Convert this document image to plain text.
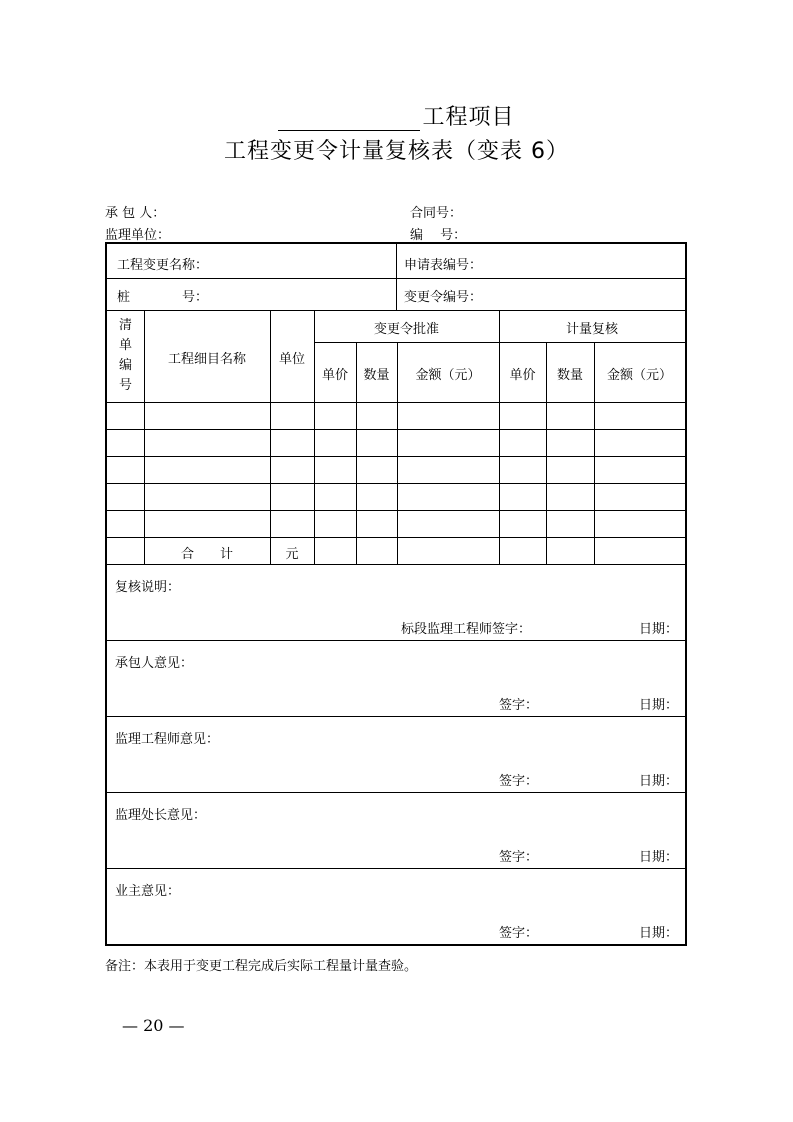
工程项目
工程变更令计量复核表（变表 6）
承 包 人：	合同号：
监理单位：	编　 号：
工程变更名称：	申请表编号：
桩　　　　号：	变更令编号：
清
单
编
号
工程细目名称	单位
变更令批准	计量复核
单价	数量	金额（元）	单价	数量	金额（元）
合　　计	元
复核说明：
标段监理工程师签字：	日期：
承包人意见：
签字：	日期：
监理工程师意见：
签字：	日期：
监理处长意见：
签字：	日期：
业主意见：
签字：	日期：
备注：本表用于变更工程完成后实际工程量计量查验。
— 20 —
